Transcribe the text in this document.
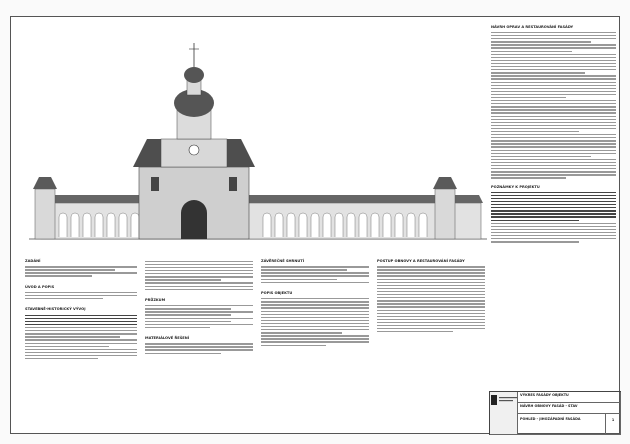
ZADÁNÍ
ÚVOD A POPIS
STAVEBNĚ-HISTORICKÝ VÝVOJ
PRŮZKUM
MATERIÁLOVÉ ŘEŠENÍ
ZÁVĚREČNÉ SHRNUTÍ
POPIS OBJEKTU
POSTUP OBNOVY A RESTAUROVÁNÍ FASÁDY
NÁVRH OPRAV A RESTAUROVÁNÍ FASÁDY
POZNÁMKY K PROJEKTU
VÝKRES FASÁDY OBJEKTU
NÁVRH OBNOVY FASÁD - STAV
POHLED - JIHOZÁPADNÍ FASÁDA	1
